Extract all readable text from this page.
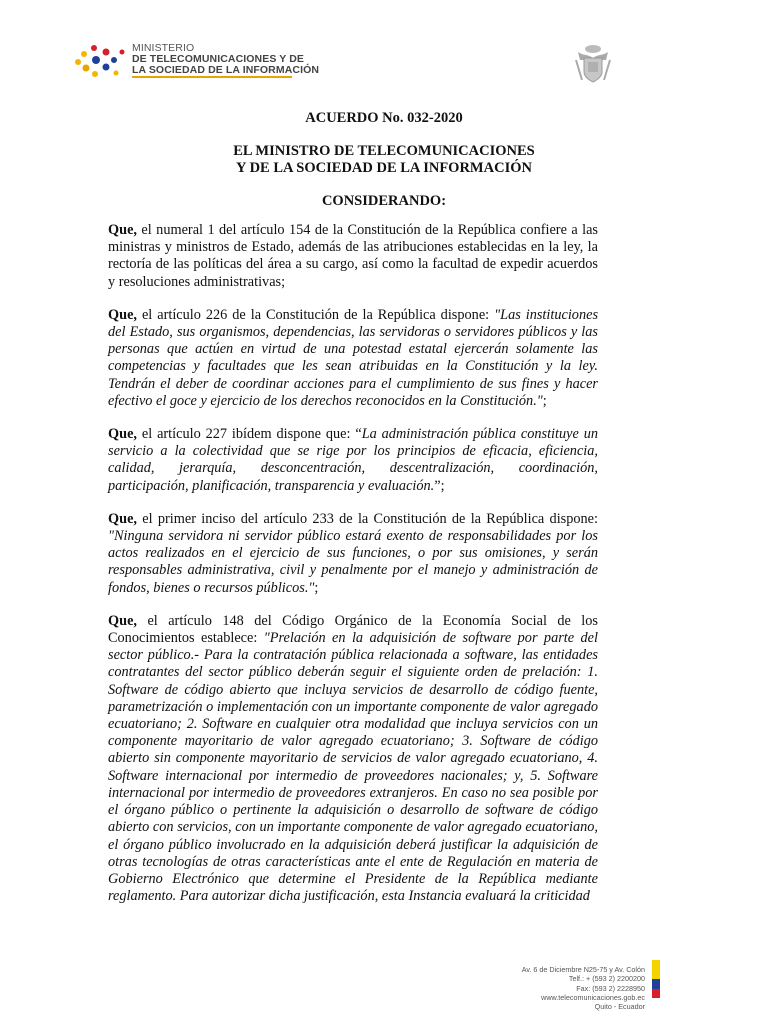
MINISTERIO
DE TELECOMUNICACIONES Y DE
LA SOCIEDAD DE LA INFORMACIÓN
ACUERDO No. 032-2020
EL MINISTRO DE TELECOMUNICACIONES
Y DE LA SOCIEDAD DE LA INFORMACIÓN
CONSIDERANDO:

Que, el numeral 1 del artículo 154 de la Constitución de la República confiere a las ministras y ministros de Estado, además de las atribuciones establecidas en la ley, la rectoría de las políticas del área a su cargo, así como la facultad de expedir acuerdos y resoluciones administrativas;

Que, el artículo 226 de la Constitución de la República dispone: "Las instituciones del Estado, sus organismos, dependencias, las servidoras o servidores públicos y las personas que actúen en virtud de una potestad estatal ejercerán solamente las competencias y facultades que les sean atribuidas en la Constitución y la ley. Tendrán el deber de coordinar acciones para el cumplimiento de sus fines y hacer efectivo el goce y ejercicio de los derechos reconocidos en la Constitución.";

Que, el artículo 227 ibídem dispone que: “La administración pública constituye un servicio a la colectividad que se rige por los principios de eficacia, eficiencia, calidad, jerarquía, desconcentración, descentralización, coordinación, participación, planificación, transparencia y evaluación.”;

Que, el primer inciso del artículo 233 de la Constitución de la República dispone: "Ninguna servidora ni servidor público estará exento de responsabilidades por los actos realizados en el ejercicio de sus funciones, o por sus omisiones, y serán responsables administrativa, civil y penalmente por el manejo y administración de fondos, bienes o recursos públicos.";

Que, el artículo 148 del Código Orgánico de la Economía Social de los Conocimientos establece: "Prelación en la adquisición de software por parte del sector público.- Para la contratación pública relacionada a software, las entidades contratantes del sector público deberán seguir el siguiente orden de prelación: 1. Software de código abierto que incluya servicios de desarrollo de código fuente, parametrización o implementación con un importante componente de valor agregado ecuatoriano; 2. Software en cualquier otra modalidad que incluya servicios con un componente mayoritario de valor agregado ecuatoriano; 3. Software de código abierto sin componente mayoritario de servicios de valor agregado ecuatoriano, 4. Software internacional por intermedio de proveedores nacionales; y, 5. Software internacional por intermedio de proveedores extranjeros. En caso no sea posible por el órgano público o pertinente la adquisición o desarrollo de software de código abierto con servicios, con un importante componente de valor agregado ecuatoriano, el órgano público involucrado en la adquisición deberá justificar la adquisición de otras tecnologías de otras características ante el ente de Regulación en materia de Gobierno Electrónico que determine el Presidente de la República mediante reglamento. Para autorizar dicha justificación, esta Instancia evaluará la criticidad

Av. 6 de Diciembre N25-75 y Av. Colón
Telf.: + (593 2) 2200200
Fax: (593 2) 2228950
www.telecomunicaciones.gob.ec
Quito - Ecuador
